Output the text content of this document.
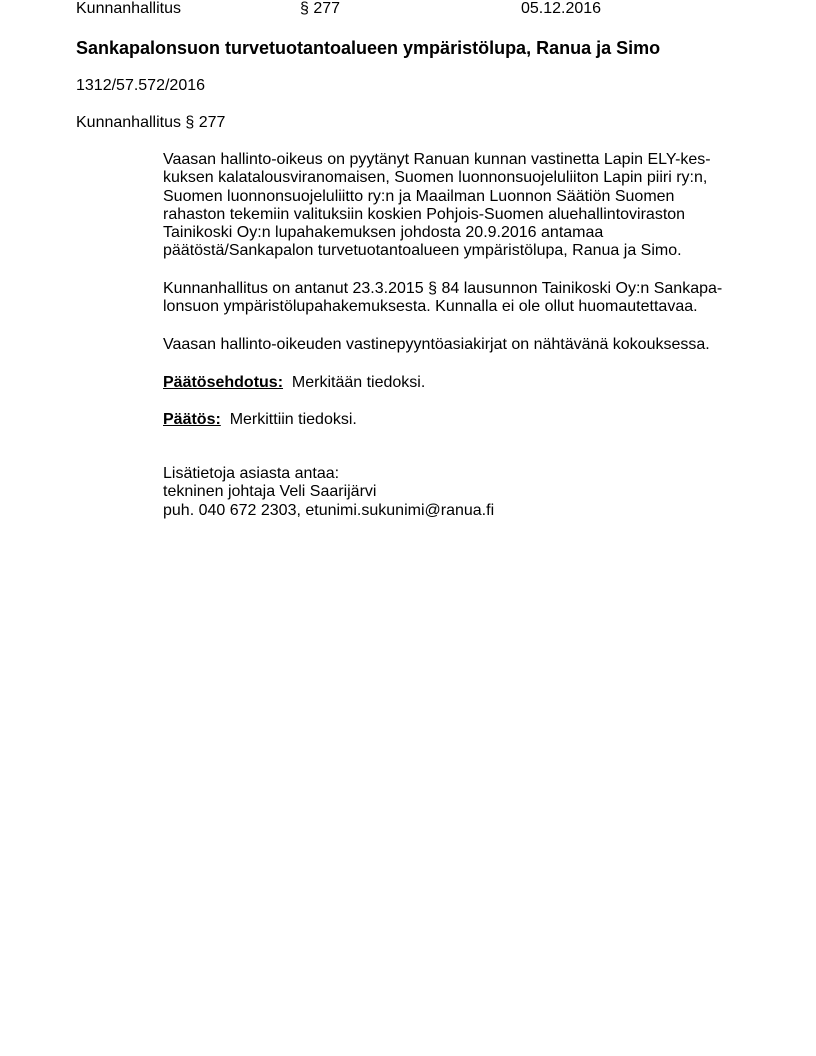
Kunnanhallitus	§ 277	05.12.2016
Sankapalonsuon turvetuotantoalueen ympäristölupa, Ranua ja Simo
1312/57.572/2016
Kunnanhallitus § 277
Vaasan hallinto-oikeus on pyytänyt Ranuan kunnan vastinetta Lapin ELY-kes-
kuksen kalatalousviranomaisen, Suomen luonnonsuojeluliiton Lapin piiri ry:n,
Suomen luonnonsuojeluliitto ry:n ja Maailman Luonnon Säätiön Suomen
rahaston tekemiin valituksiin koskien Pohjois-Suomen aluehallintoviraston
Tainikoski Oy:n lupahakemuksen johdosta 20.9.2016 antamaa
päätöstä/Sankapalon turvetuotantoalueen ympäristölupa, Ranua ja Simo.
Kunnanhallitus on antanut 23.3.2015 § 84 lausunnon Tainikoski Oy:n Sankapa-
lonsuon ympäristölupahakemuksesta. Kunnalla ei ole ollut huomautettavaa.
Vaasan hallinto-oikeuden vastinepyyntöasiakirjat on nähtävänä kokouksessa.
Päätösehdotus: Merkitään tiedoksi.
Päätös: Merkittiin tiedoksi.
Lisätietoja asiasta antaa:
tekninen johtaja Veli Saarijärvi
puh. 040 672 2303, etunimi.sukunimi@ranua.fi
